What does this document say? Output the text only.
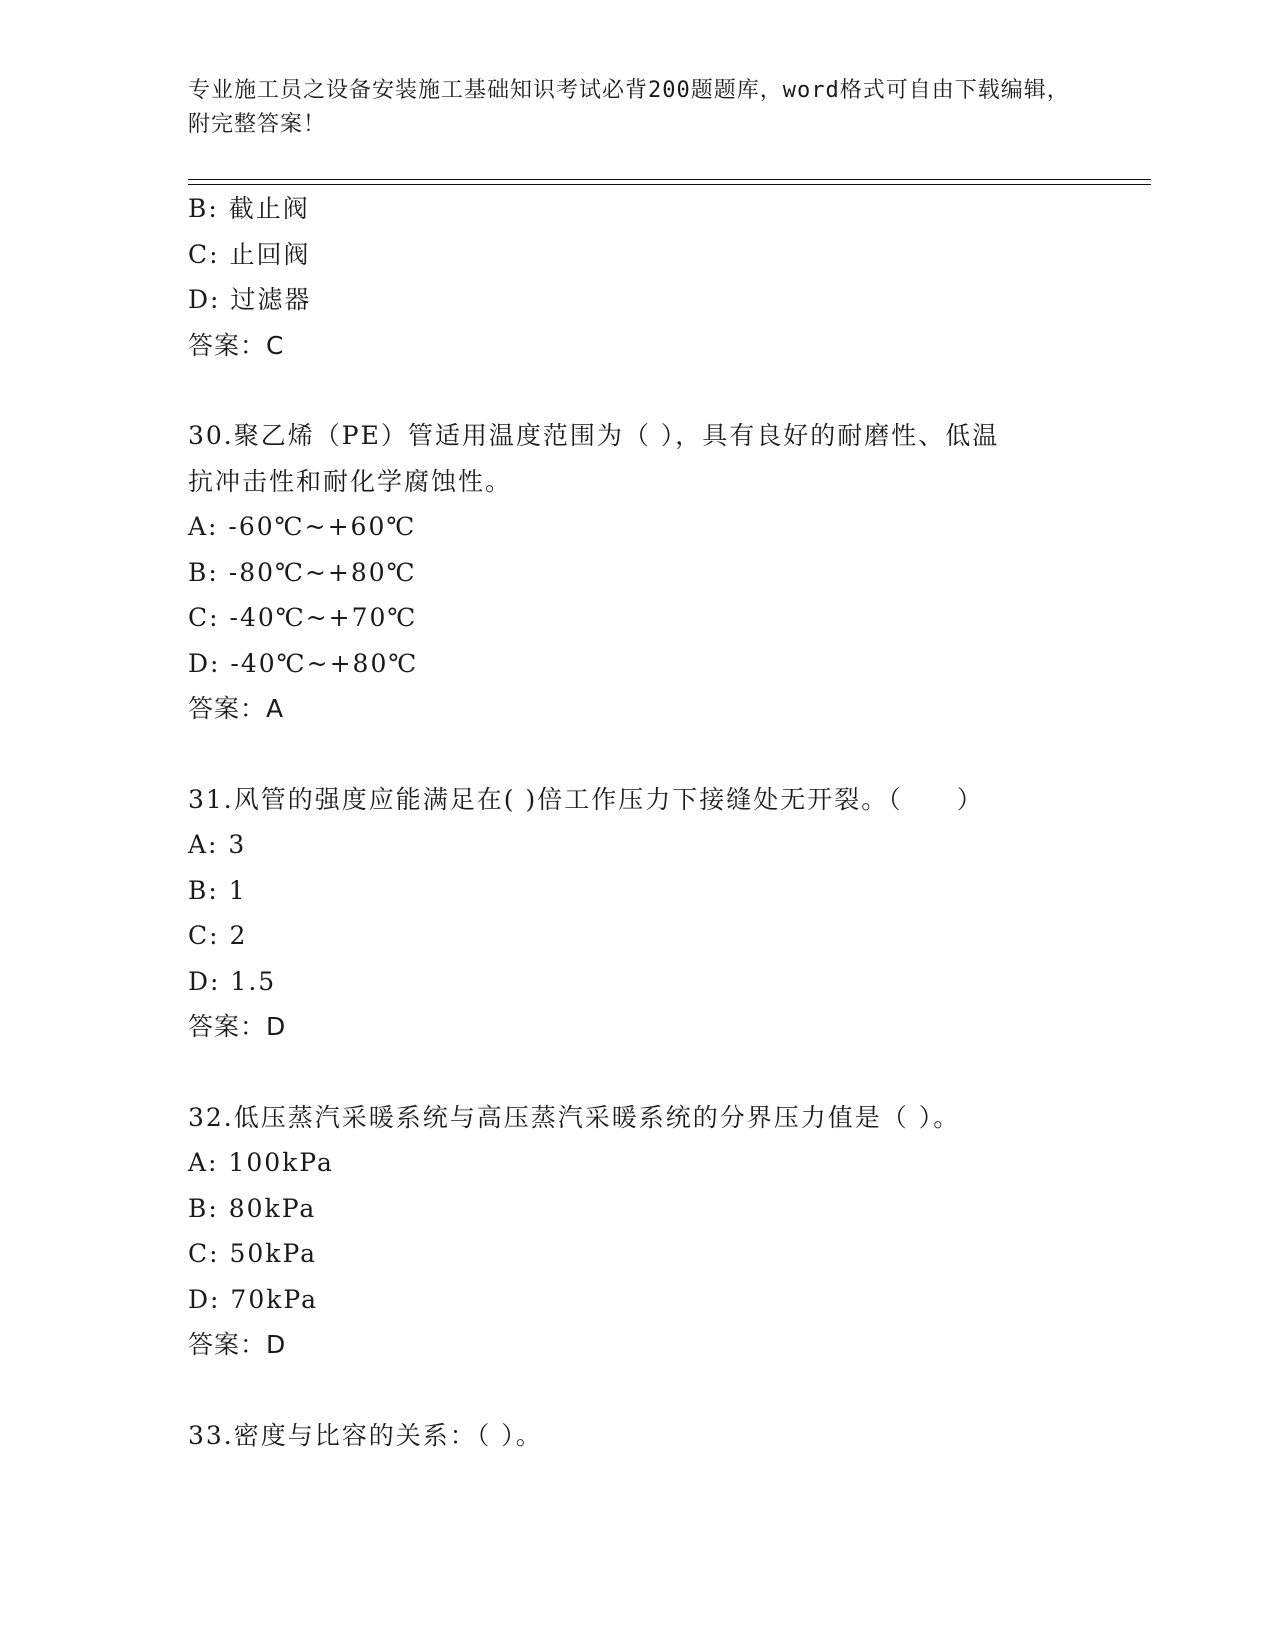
专业施工员之设备安装施工基础知识考试必背200题题库，word格式可自由下载编辑，附完整答案！
B: 截止阀
C: 止回阀
D: 过滤器
答案：C
30.聚乙烯（PE）管适用温度范围为（ ），具有良好的耐磨性、低温
抗冲击性和耐化学腐蚀性。
A: -60℃~+60℃
B: -80℃~+80℃
C: -40℃~+70℃
D: -40℃~+80℃
答案：A
31.风管的强度应能满足在( )倍工作压力下接缝处无开裂。（　　）
A: 3
B: 1
C: 2
D: 1.5
答案：D
32.低压蒸汽采暖系统与高压蒸汽采暖系统的分界压力值是（ ）。
A: 100kPa
B: 80kPa
C: 50kPa
D: 70kPa
答案：D
33.密度与比容的关系：（ ）。
